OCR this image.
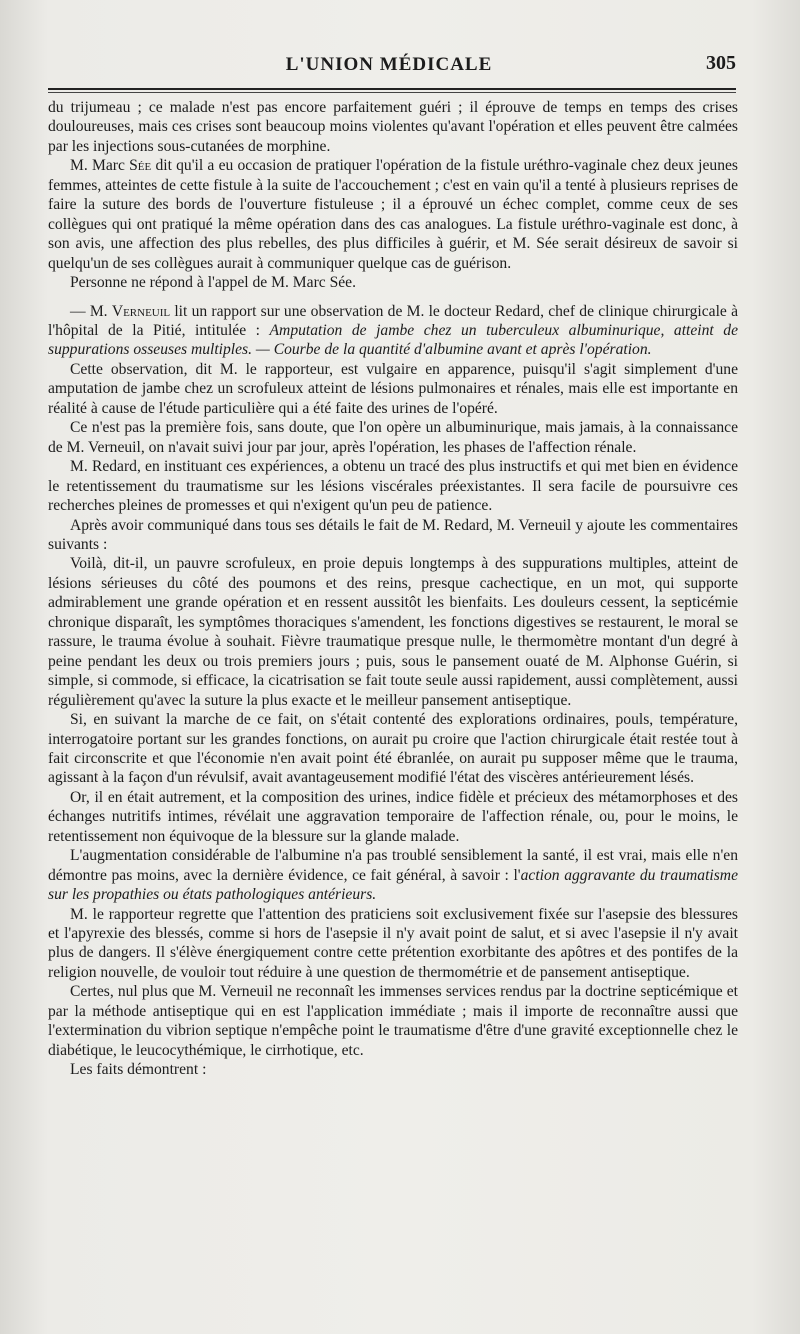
L'UNION MÉDICALE	305

du trijumeau ; ce malade n'est pas encore parfaitement guéri ; il éprouve de temps en temps des crises douloureuses, mais ces crises sont beaucoup moins violentes qu'avant l'opération et elles peuvent être calmées par les injections sous-cutanées de morphine.

M. Marc Sée dit qu'il a eu occasion de pratiquer l'opération de la fistule uréthro-vaginale chez deux jeunes femmes, atteintes de cette fistule à la suite de l'accouchement ; c'est en vain qu'il a tenté à plusieurs reprises de faire la suture des bords de l'ouverture fistuleuse ; il a éprouvé un échec complet, comme ceux de ses collègues qui ont pratiqué la même opération dans des cas analogues. La fistule uréthro-vaginale est donc, à son avis, une affection des plus rebelles, des plus difficiles à guérir, et M. Sée serait désireux de savoir si quelqu'un de ses collègues aurait à communiquer quelque cas de guérison.

Personne ne répond à l'appel de M. Marc Sée.

— M. Verneuil lit un rapport sur une observation de M. le docteur Redard, chef de clinique chirurgicale à l'hôpital de la Pitié, intitulée : Amputation de jambe chez un tuberculeux albuminurique, atteint de suppurations osseuses multiples. — Courbe de la quantité d'albumine avant et après l'opération.

Cette observation, dit M. le rapporteur, est vulgaire en apparence, puisqu'il s'agit simplement d'une amputation de jambe chez un scrofuleux atteint de lésions pulmonaires et rénales, mais elle est importante en réalité à cause de l'étude particulière qui a été faite des urines de l'opéré.

Ce n'est pas la première fois, sans doute, que l'on opère un albuminurique, mais jamais, à la connaissance de M. Verneuil, on n'avait suivi jour par jour, après l'opération, les phases de l'affection rénale.

M. Redard, en instituant ces expériences, a obtenu un tracé des plus instructifs et qui met bien en évidence le retentissement du traumatisme sur les lésions viscérales préexistantes. Il sera facile de poursuivre ces recherches pleines de promesses et qui n'exigent qu'un peu de patience.

Après avoir communiqué dans tous ses détails le fait de M. Redard, M. Verneuil y ajoute les commentaires suivants :

Voilà, dit-il, un pauvre scrofuleux, en proie depuis longtemps à des suppurations multiples, atteint de lésions sérieuses du côté des poumons et des reins, presque cachectique, en un mot, qui supporte admirablement une grande opération et en ressent aussitôt les bienfaits. Les douleurs cessent, la septicémie chronique disparaît, les symptômes thoraciques s'amendent, les fonctions digestives se restaurent, le moral se rassure, le trauma évolue à souhait. Fièvre traumatique presque nulle, le thermomètre montant d'un degré à peine pendant les deux ou trois premiers jours ; puis, sous le pansement ouaté de M. Alphonse Guérin, si simple, si commode, si efficace, la cicatrisation se fait toute seule aussi rapidement, aussi complètement, aussi régulièrement qu'avec la suture la plus exacte et le meilleur pansement antiseptique.

Si, en suivant la marche de ce fait, on s'était contenté des explorations ordinaires, pouls, température, interrogatoire portant sur les grandes fonctions, on aurait pu croire que l'action chirurgicale était restée tout à fait circonscrite et que l'économie n'en avait point été ébranlée, on aurait pu supposer même que le trauma, agissant à la façon d'un révulsif, avait avantageusement modifié l'état des viscères antérieurement lésés.

Or, il en était autrement, et la composition des urines, indice fidèle et précieux des métamorphoses et des échanges nutritifs intimes, révélait une aggravation temporaire de l'affection rénale, ou, pour le moins, le retentissement non équivoque de la blessure sur la glande malade.

L'augmentation considérable de l'albumine n'a pas troublé sensiblement la santé, il est vrai, mais elle n'en démontre pas moins, avec la dernière évidence, ce fait général, à savoir : l'action aggravante du traumatisme sur les propathies ou états pathologiques antérieurs.

M. le rapporteur regrette que l'attention des praticiens soit exclusivement fixée sur l'asepsie des blessures et l'apyrexie des blessés, comme si hors de l'asepsie il n'y avait point de salut, et si avec l'asepsie il n'y avait plus de dangers. Il s'élève énergiquement contre cette prétention exorbitante des apôtres et des pontifes de la religion nouvelle, de vouloir tout réduire à une question de thermométrie et de pansement antiseptique.

Certes, nul plus que M. Verneuil ne reconnaît les immenses services rendus par la doctrine septicémique et par la méthode antiseptique qui en est l'application immédiate ; mais il importe de reconnaître aussi que l'extermination du vibrion septique n'empêche point le traumatisme d'être d'une gravité exceptionnelle chez le diabétique, le leucocythémique, le cirrhotique, etc.

Les faits démontrent :
